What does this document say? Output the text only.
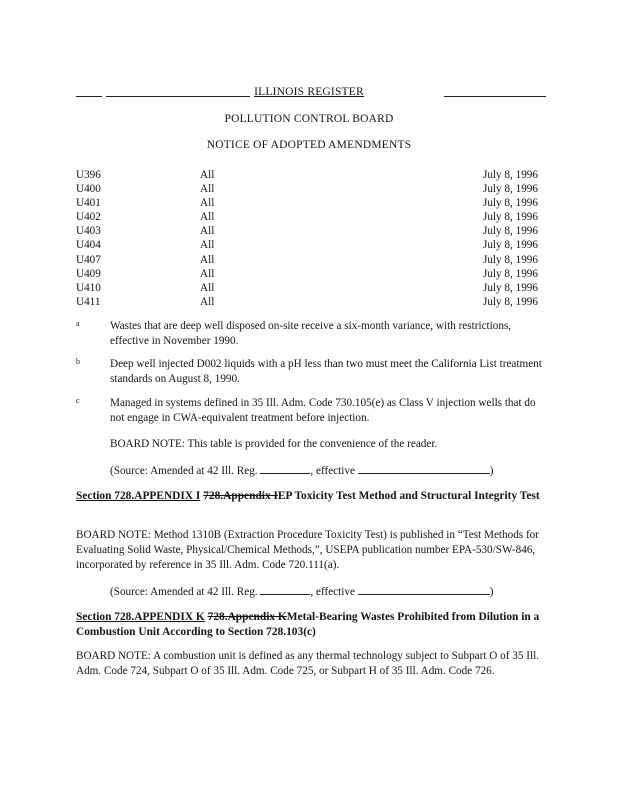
ILLINOIS REGISTER
POLLUTION CONTROL BOARD
NOTICE OF ADOPTED AMENDMENTS
U396	All	July 8, 1996
U400	All	July 8, 1996
U401	All	July 8, 1996
U402	All	July 8, 1996
U403	All	July 8, 1996
U404	All	July 8, 1996
U407	All	July 8, 1996
U409	All	July 8, 1996
U410	All	July 8, 1996
U411	All	July 8, 1996
a	Wastes that are deep well disposed on-site receive a six-month variance, with restrictions, effective in November 1990.
b	Deep well injected D002 liquids with a pH less than two must meet the California List treatment standards on August 8, 1990.
c	Managed in systems defined in 35 Ill. Adm. Code 730.105(e) as Class V injection wells that do not engage in CWA-equivalent treatment before injection.
BOARD NOTE: This table is provided for the convenience of the reader.
(Source: Amended at 42 Ill. Reg.	, effective	)
Section 728.APPENDIX I 728.Appendix IEP Toxicity Test Method and Structural Integrity Test
BOARD NOTE: Method 1310B (Extraction Procedure Toxicity Test) is published in “Test Methods for Evaluating Solid Waste, Physical/Chemical Methods,”, USEPA publication number EPA-530/SW-846, incorporated by reference in 35 Ill. Adm. Code 720.111(a).
(Source: Amended at 42 Ill. Reg.	, effective	)
Section 728.APPENDIX K 728.Appendix KMetal-Bearing Wastes Prohibited from Dilution in a Combustion Unit According to Section 728.103(c)
BOARD NOTE: A combustion unit is defined as any thermal technology subject to Subpart O of 35 Ill. Adm. Code 724, Subpart O of 35 Ill. Adm. Code 725, or Subpart H of 35 Ill. Adm. Code 726.
